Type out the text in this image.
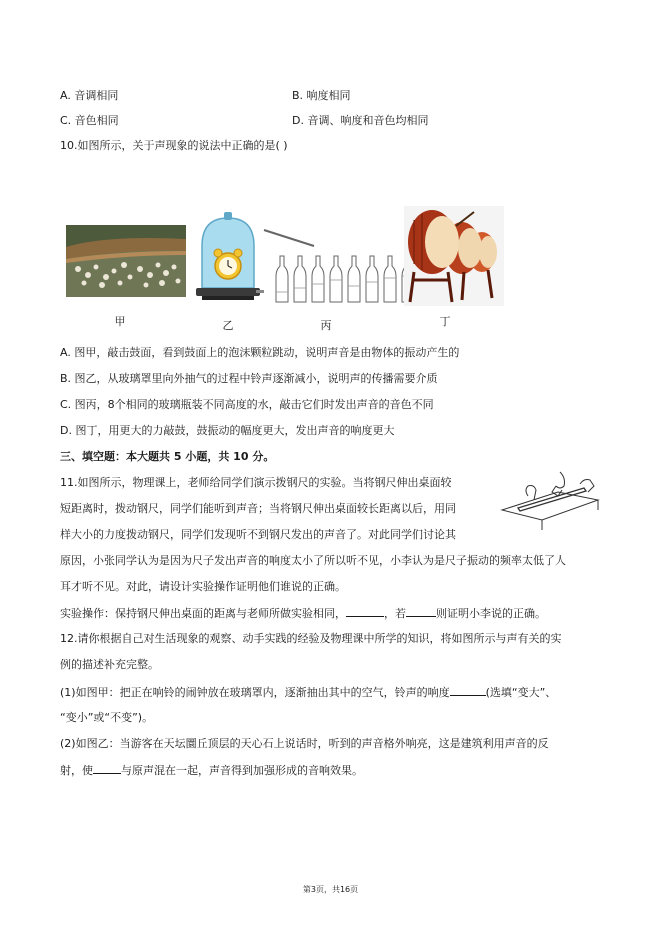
A. 音调相同	B. 响度相同
C. 音色相同	D. 音调、响度和音色均相同
10.如图所示，关于声现象的说法中正确的是( )
甲	乙	丙	丁
A. 图甲，敲击鼓面，看到鼓面上的泡沫颗粒跳动，说明声音是由物体的振动产生的
B. 图乙，从玻璃罩里向外抽气的过程中铃声逐渐减小，说明声的传播需要介质
C. 图丙，8个相同的玻璃瓶装不同高度的水，敲击它们时发出声音的音色不同
D. 图丁，用更大的力敲鼓，鼓振动的幅度更大，发出声音的响度更大
三、填空题：本大题共 5 小题，共 10 分。
11.如图所示，物理课上，老师给同学们演示拨钢尺的实验。当将钢尺伸出桌面较
短距离时，拨动钢尺，同学们能听到声音；当将钢尺伸出桌面较长距离以后，用同
样大小的力度拨动钢尺，同学们发现听不到钢尺发出的声音了。对此同学们讨论其
原因，小张同学认为是因为尺子发出声音的响度太小了所以听不见，小李认为是尺子振动的频率太低了人
耳才听不见。对此，请设计实验操作证明他们谁说的正确。
实验操作：保持钢尺伸出桌面的距离与老师所做实验相同，	，若	则证明小李说的正确。
12.请你根据自己对生活现象的观察、动手实践的经验及物理课中所学的知识，将如图所示与声有关的实
例的描述补充完整。
(1)如图甲：把正在响铃的闹钟放在玻璃罩内，逐渐抽出其中的空气，铃声的响度	(选填“变大”、
“变小”或“不变”)。
(2)如图乙：当游客在天坛圜丘顶层的天心石上说话时，听到的声音格外响亮，这是建筑利用声音的反
射，使	与原声混在一起，声音得到加强形成的音响效果。
第3页，共16页
